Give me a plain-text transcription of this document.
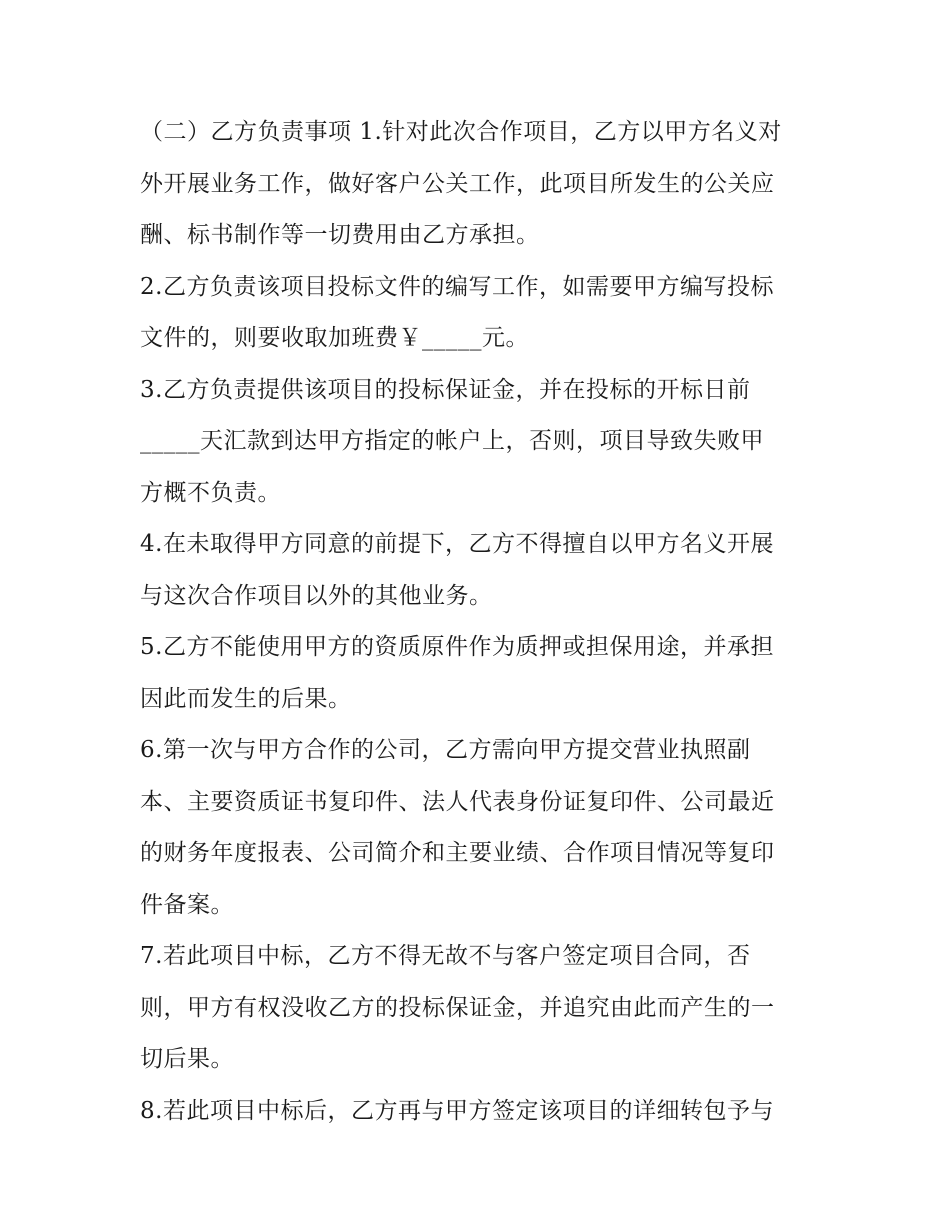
（二）乙方负责事项 1.针对此次合作项目，乙方以甲方名义对
外开展业务工作，做好客户公关工作，此项目所发生的公关应
酬、标书制作等一切费用由乙方承担。
2.乙方负责该项目投标文件的编写工作，如需要甲方编写投标
文件的，则要收取加班费￥_____元。
3.乙方负责提供该项目的投标保证金，并在投标的开标日前
_____天汇款到达甲方指定的帐户上，否则，项目导致失败甲
方概不负责。
4.在未取得甲方同意的前提下，乙方不得擅自以甲方名义开展
与这次合作项目以外的其他业务。
5.乙方不能使用甲方的资质原件作为质押或担保用途，并承担
因此而发生的后果。
6.第一次与甲方合作的公司，乙方需向甲方提交营业执照副
本、主要资质证书复印件、法人代表身份证复印件、公司最近
的财务年度报表、公司简介和主要业绩、合作项目情况等复印
件备案。
7.若此项目中标，乙方不得无故不与客户签定项目合同，否
则，甲方有权没收乙方的投标保证金，并追究由此而产生的一
切后果。
8.若此项目中标后，乙方再与甲方签定该项目的详细转包予与
